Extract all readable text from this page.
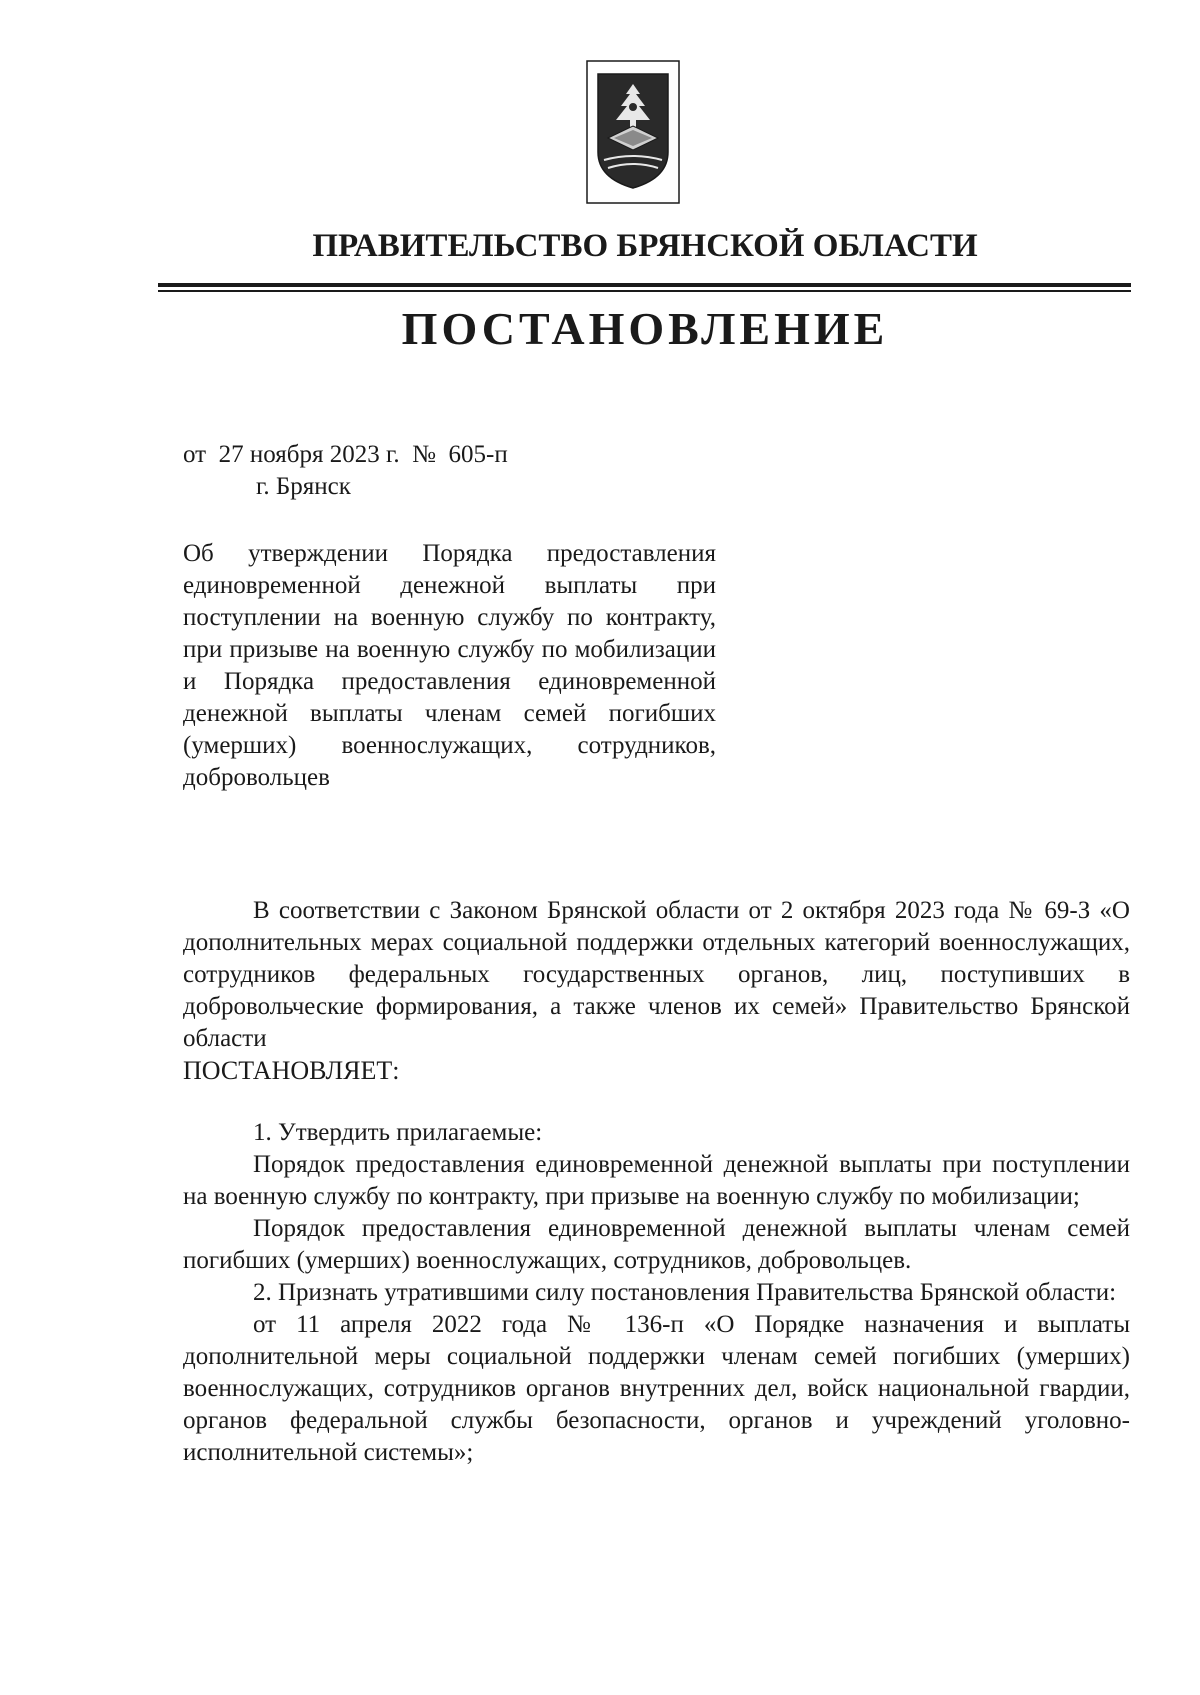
ПРАВИТЕЛЬСТВО БРЯНСКОЙ ОБЛАСТИ
ПОСТАНОВЛЕНИЕ
от  27 ноября 2023 г.  №  605-п
г. Брянск
Об утверждении Порядка предоставления единовременной денежной выплаты при поступлении на военную службу по контракту, при призыве на военную службу по мобилизации и Порядка предоставления единовременной денежной выплаты членам семей погибших (умерших) военнослужащих, сотрудников, добровольцев

В соответствии с Законом Брянской области от 2 октября 2023 года № 69-З «О дополнительных мерах социальной поддержки отдельных категорий военнослужащих, сотрудников федеральных государственных органов, лиц, поступивших в добровольческие формирования, а также членов их семей» Правительство Брянской области

ПОСТАНОВЛЯЕТ:

1. Утвердить прилагаемые:

Порядок предоставления единовременной денежной выплаты при поступлении на военную службу по контракту, при призыве на военную службу по мобилизации;

Порядок предоставления единовременной денежной выплаты членам семей погибших (умерших) военнослужащих, сотрудников, добровольцев.

2. Признать утратившими силу постановления Правительства Брянской области:

от 11 апреля 2022 года № 136-п «О Порядке назначения и выплаты дополнительной меры социальной поддержки членам семей погибших (умерших) военнослужащих, сотрудников органов внутренних дел, войск национальной гвардии, органов федеральной службы безопасности, органов и учреждений уголовно-исполнительной системы»;
